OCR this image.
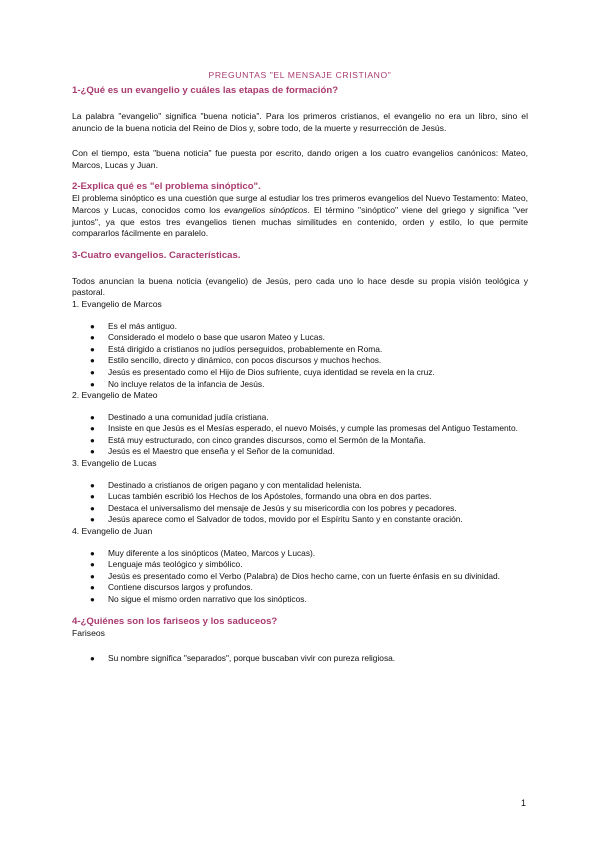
PREGUNTAS "EL MENSAJE CRISTIANO"
1-¿Qué es un evangelio y cuáles las etapas de formación?

La palabra "evangelio" significa "buena noticia". Para los primeros cristianos, el evangelio no era un libro, sino el anuncio de la buena noticia del Reino de Dios y, sobre todo, de la muerte y resurrección de Jesús.

Con el tiempo, esta "buena noticia" fue puesta por escrito, dando origen a los cuatro evangelios canónicos: Mateo, Marcos, Lucas y Juan.

2-Explica qué es "el problema sinóptico".

El problema sinóptico es una cuestión que surge al estudiar los tres primeros evangelios del Nuevo Testamento: Mateo, Marcos y Lucas, conocidos como los evangelios sinópticos. El término "sinóptico" viene del griego y significa "ver juntos", ya que estos tres evangelios tienen muchas similitudes en contenido, orden y estilo, lo que permite compararlos fácilmente en paralelo.

3-Cuatro evangelios. Características.

Todos anuncian la buena noticia (evangelio) de Jesús, pero cada uno lo hace desde su propia visión teológica y pastoral.

1. Evangelio de Marcos

● Es el más antiguo.
● Considerado el modelo o base que usaron Mateo y Lucas.
● Está dirigido a cristianos no judíos perseguidos, probablemente en Roma.
● Estilo sencillo, directo y dinámico, con pocos discursos y muchos hechos.
● Jesús es presentado como el Hijo de Dios sufriente, cuya identidad se revela en la cruz.
● No incluye relatos de la infancia de Jesús.

2. Evangelio de Mateo

● Destinado a una comunidad judía cristiana.
● Insiste en que Jesús es el Mesías esperado, el nuevo Moisés, y cumple las promesas del Antiguo Testamento.
● Está muy estructurado, con cinco grandes discursos, como el Sermón de la Montaña.
● Jesús es el Maestro que enseña y el Señor de la comunidad.

3. Evangelio de Lucas

● Destinado a cristianos de origen pagano y con mentalidad helenista.
● Lucas también escribió los Hechos de los Apóstoles, formando una obra en dos partes.
● Destaca el universalismo del mensaje de Jesús y su misericordia con los pobres y pecadores.
● Jesús aparece como el Salvador de todos, movido por el Espíritu Santo y en constante oración.

4. Evangelio de Juan

● Muy diferente a los sinópticos (Mateo, Marcos y Lucas).
● Lenguaje más teológico y simbólico.
● Jesús es presentado como el Verbo (Palabra) de Dios hecho carne, con un fuerte énfasis en su divinidad.
● Contiene discursos largos y profundos.
● No sigue el mismo orden narrativo que los sinópticos.
4-¿Quiénes son los fariseos y los saduceos?

Fariseos

● Su nombre significa "separados", porque buscaban vivir con pureza religiosa.
1
